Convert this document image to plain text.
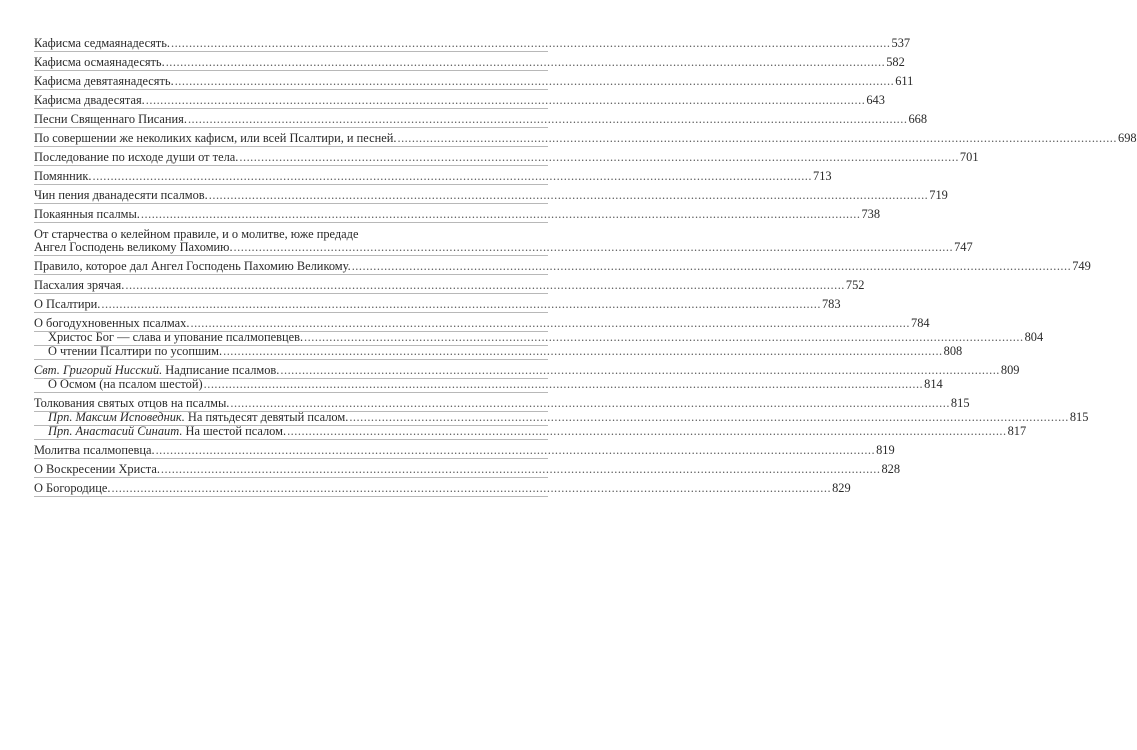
Кафисма седмаянадесять. ........................................................................................................................................................................................................ 537
Кафисма осмаянадесять. ........................................................................................................................................................................................................ 582
Кафисма девятаянадесять. ........................................................................................................................................................................................................ 611
Кафисма двадесятая. ........................................................................................................................................................................................................ 643
Песни Священнаго Писания. ........................................................................................................................................................................................................ 668
По совершении же неколиких кафисм, или всей Псалтири, и песней. ........................................................................................................................................................................................................ 698
Последование по исходе души от тела. ........................................................................................................................................................................................................ 701
Помянник. ........................................................................................................................................................................................................ 713
Чин пения дванадесяти псалмов. ........................................................................................................................................................................................................ 719
Покаянныя псалмы. ........................................................................................................................................................................................................ 738
От старчества о келейном правиле, и о молитве, юже предаде
Ангел Господень великому Пахомию. ........................................................................................................................................................................................................ 747
Правило, которое дал Ангел Господень Пахомию Великому. ........................................................................................................................................................................................................ 749
Пасхалия зрячая. ........................................................................................................................................................................................................ 752
О Псалтири. ........................................................................................................................................................................................................ 783
О богодухновенных псалмах. ........................................................................................................................................................................................................ 784
Христос Бог — слава и упование псалмопевцев. ........................................................................................................................................................................................................ 804
О чтении Псалтири по усопшим. ........................................................................................................................................................................................................ 808
Свт. Григорий Нисский. Надписание псалмов. ........................................................................................................................................................................................................ 809
О Осмом (на псалом шестой) ........................................................................................................................................................................................................ 814
Толкования святых отцов на псалмы. ........................................................................................................................................................................................................ 815
Прп. Максим Исповедник. На пятьдесят девятый псалом. ........................................................................................................................................................................................................ 815
Прп. Анастасий Синаит. На шестой псалом. ........................................................................................................................................................................................................ 817
Молитва псалмопевца. ........................................................................................................................................................................................................ 819
О Воскресении Христа. ........................................................................................................................................................................................................ 828
О Богородице. ........................................................................................................................................................................................................ 829
